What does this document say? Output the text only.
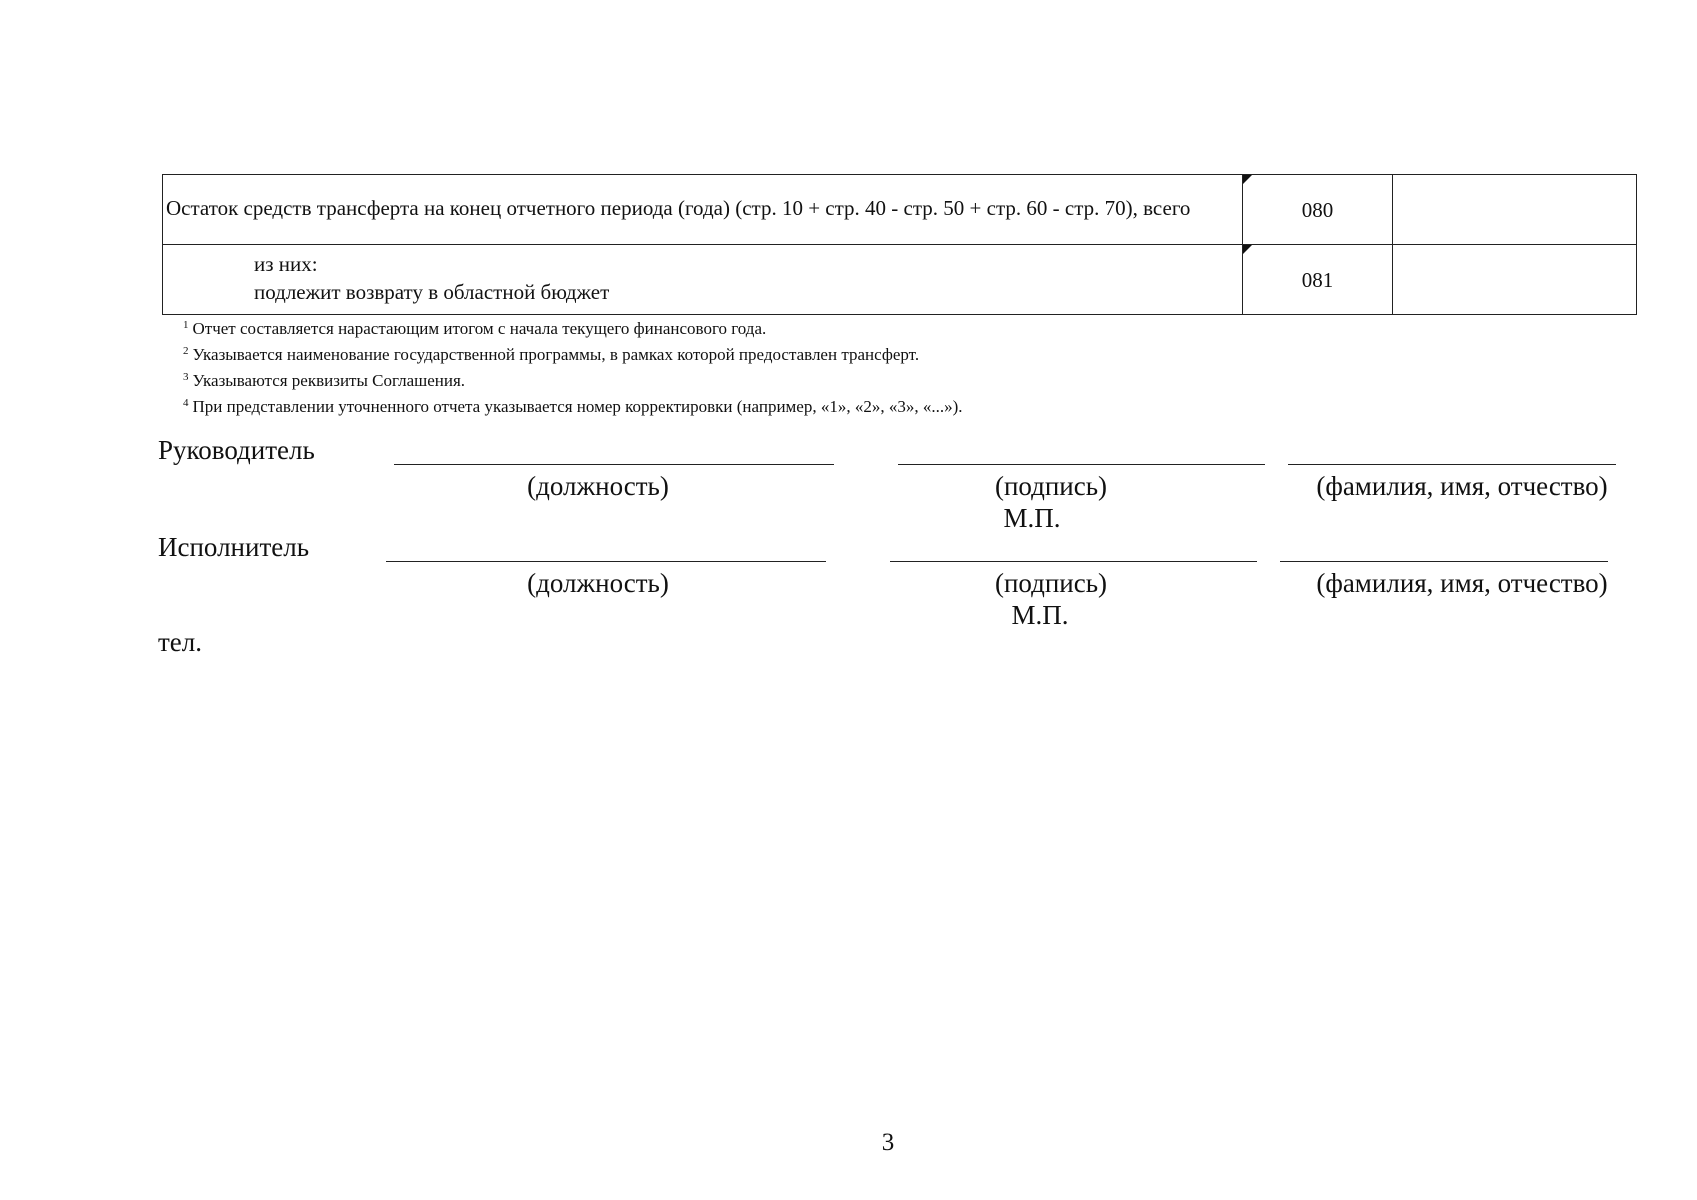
Остаток средств трансферта на конец отчетного периода (года) (стр. 10 + стр. 40 - стр. 50 + стр. 60 - стр. 70), всего	080	

из них:
подлежит возврату в областной бюджет	081	
$^1$ Отчет составляется нарастающим итогом с начала текущего финансового года.
$^2$ Указывается наименование государственной программы, в рамках которой предоставлен трансферт.
$^3$ Указываются реквизиты Соглашения.
$^4$ При представлении уточненного отчета указывается номер корректировки (например, «1», «2», «3», «...»).
Руководитель
(должность)	(подпись)	(фамилия, имя, отчество)
М.П.
Исполнитель
(должность)	(подпись)	(фамилия, имя, отчество)
М.П.
тел.
3
